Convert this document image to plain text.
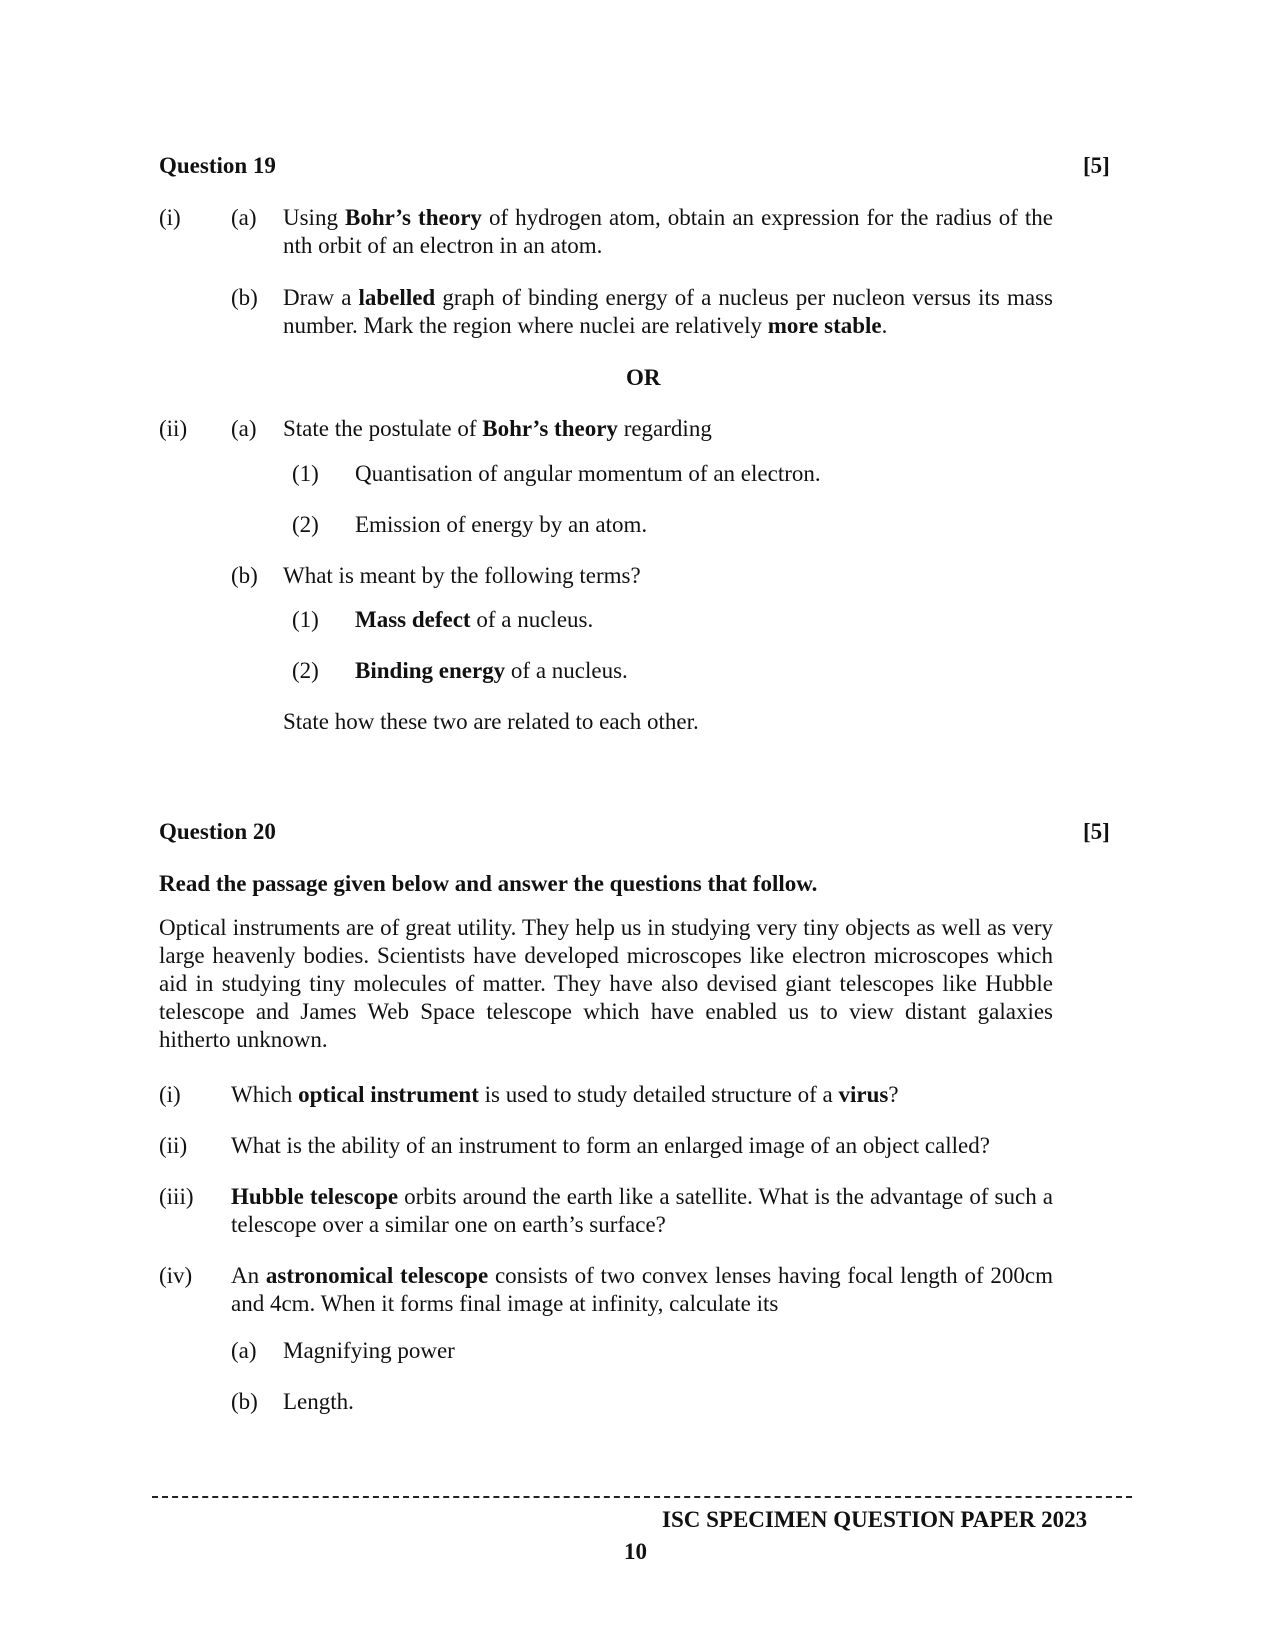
Question 19	[5]
(i) (a) Using Bohr’s theory of hydrogen atom, obtain an expression for the radius of the nth orbit of an electron in an atom.
(b) Draw a labelled graph of binding energy of a nucleus per nucleon versus its mass number. Mark the region where nuclei are relatively more stable.
OR
(ii) (a) State the postulate of Bohr’s theory regarding
(1) Quantisation of angular momentum of an electron.
(2) Emission of energy by an atom.
(b) What is meant by the following terms?
(1) Mass defect of a nucleus.
(2) Binding energy of a nucleus.
State how these two are related to each other.
Question 20	[5]
Read the passage given below and answer the questions that follow.
Optical instruments are of great utility. They help us in studying very tiny objects as well as very large heavenly bodies. Scientists have developed microscopes like electron microscopes which aid in studying tiny molecules of matter. They have also devised giant telescopes like Hubble telescope and James Web Space telescope which have enabled us to view distant galaxies hitherto unknown.
(i) Which optical instrument is used to study detailed structure of a virus?
(ii) What is the ability of an instrument to form an enlarged image of an object called?
(iii) Hubble telescope orbits around the earth like a satellite. What is the advantage of such a telescope over a similar one on earth’s surface?
(iv) An astronomical telescope consists of two convex lenses having focal length of 200cm and 4cm. When it forms final image at infinity, calculate its
(a) Magnifying power
(b) Length.
ISC SPECIMEN QUESTION PAPER 2023
10
